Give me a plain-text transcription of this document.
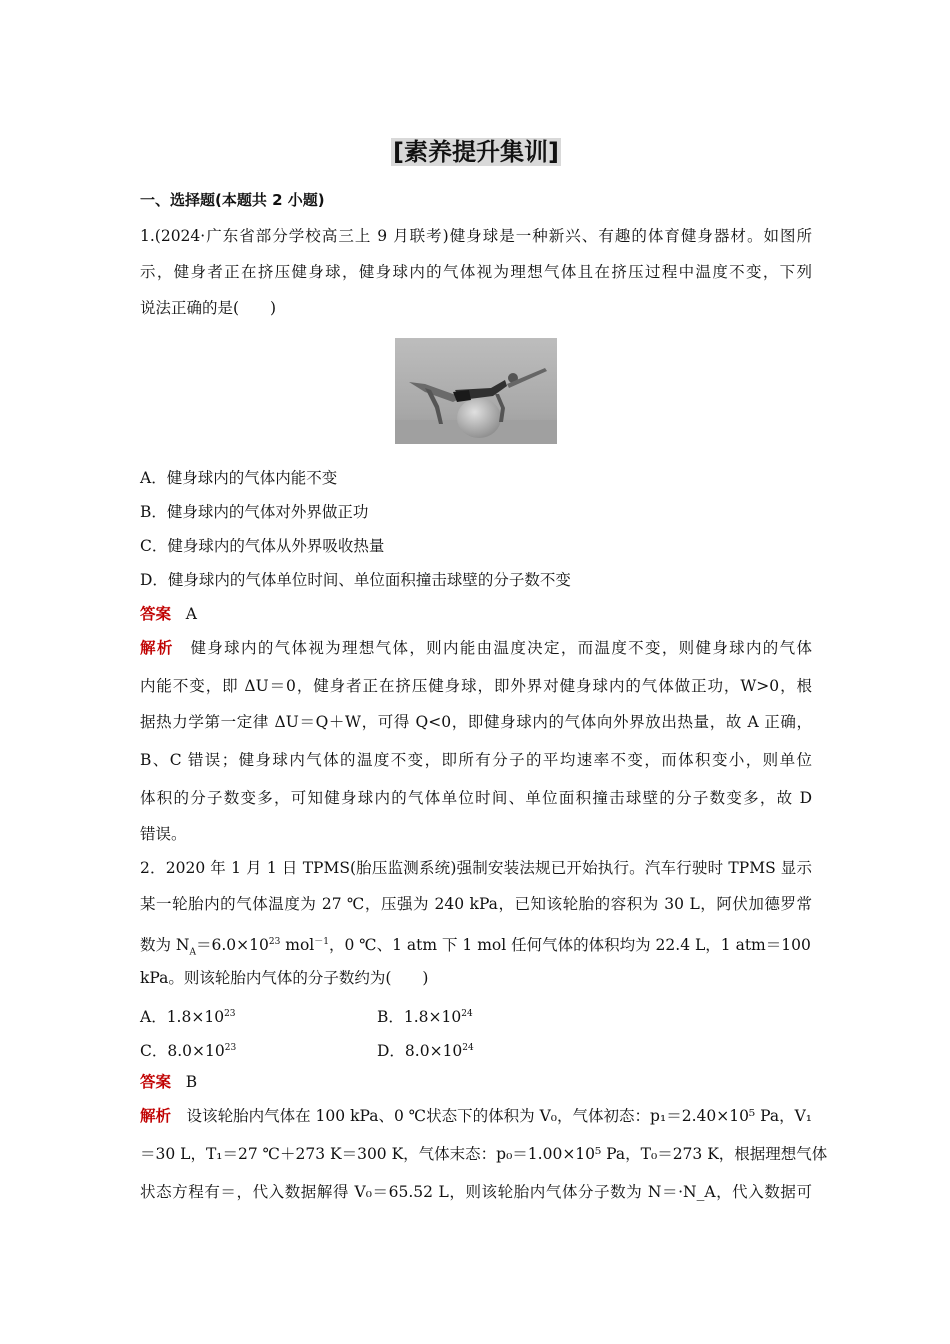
[素养提升集训]
一、选择题(本题共 2 小题)
1.(2024·广东省部分学校高三上 9 月联考)健身球是一种新兴、有趣的体育健身器材。如图所
示，健身者正在挤压健身球，健身球内的气体视为理想气体且在挤压过程中温度不变，下列
说法正确的是(　　)
A．健身球内的气体内能不变
B．健身球内的气体对外界做正功
C．健身球内的气体从外界吸收热量
D．健身球内的气体单位时间、单位面积撞击球壁的分子数不变
答案 A
解析　 健身球内的气体视为理想气体，则内能由温度决定，而温度不变，则健身球内的气体
内能不变，即 ΔU＝0，健身者正在挤压健身球，即外界对健身球内的气体做正功，W>0，根
据热力学第一定律 ΔU＝Q＋W，可得 Q<0，即健身球内的气体向外界放出热量，故 A 正确，
B、C 错误；健身球内气体的温度不变，即所有分子的平均速率不变，而体积变小，则单位
体积的分子数变多，可知健身球内的气体单位时间、单位面积撞击球壁的分子数变多，故 D
错误。
2．2020 年 1 月 1 日 TPMS(胎压监测系统)强制安装法规已开始执行。汽车行驶时 TPMS 显示
某一轮胎内的气体温度为 27 ℃，压强为 240 kPa，已知该轮胎的容积为 30 L，阿伏加德罗常
数为 $N_A=6.0\times 10^{23}$ mol$^{-1}$，0 ℃、1 atm 下 1 mol 任何气体的体积均为 22.4 L，1 atm＝100
kPa。则该轮胎内气体的分子数约为(　　)
A．$1.8\times 10^{23}$	B．$1.8\times 10^{24}$
C．$8.0\times 10^{23}$	D．$8.0\times 10^{24}$
答案 B
解析　 设该轮胎内气体在 100 kPa、0 ℃状态下的体积为 V₀，气体初态：p₁＝2.40×10⁵ Pa，V₁
＝30 L，T₁＝27 ℃＋273 K＝300 K，气体末态：p₀＝1.00×10⁵ Pa，T₀＝273 K，根据理想气体
状态方程有＝，代入数据解得 V₀＝65.52 L，则该轮胎内气体分子数为 N＝·N_A，代入数据可
